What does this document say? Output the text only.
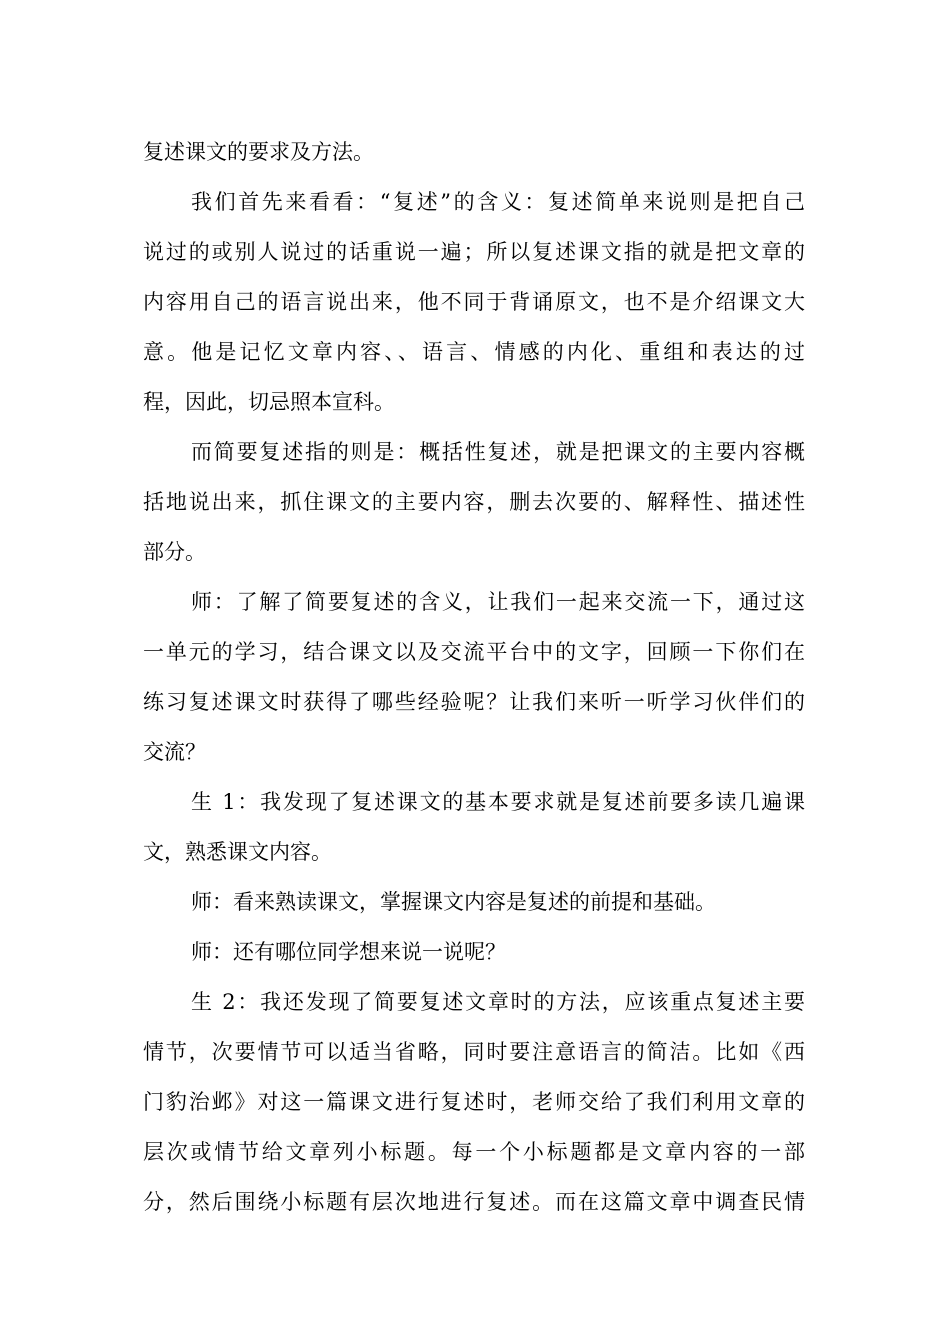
复述课文的要求及方法。
我们首先来看看：“复述”的含义：复述简单来说则是把自己
说过的或别人说过的话重说一遍；所以复述课文指的就是把文章的
内容用自己的语言说出来，他不同于背诵原文，也不是介绍课文大
意。他是记忆文章内容、、语言、情感的内化、重组和表达的过
程，因此，切忌照本宣科。
而简要复述指的则是：概括性复述，就是把课文的主要内容概
括地说出来，抓住课文的主要内容，删去次要的、解释性、描述性
部分。
师：了解了简要复述的含义，让我们一起来交流一下，通过这
一单元的学习，结合课文以及交流平台中的文字，回顾一下你们在
练习复述课文时获得了哪些经验呢？让我们来听一听学习伙伴们的
交流？
生 1：我发现了复述课文的基本要求就是复述前要多读几遍课
文，熟悉课文内容。
师：看来熟读课文，掌握课文内容是复述的前提和基础。
师：还有哪位同学想来说一说呢？
生 2：我还发现了简要复述文章时的方法，应该重点复述主要
情节，次要情节可以适当省略，同时要注意语言的简洁。比如《西
门豹治邺》对这一篇课文进行复述时，老师交给了我们利用文章的
层次或情节给文章列小标题。每一个小标题都是文章内容的一部
分，然后围绕小标题有层次地进行复述。而在这篇文章中调查民情
